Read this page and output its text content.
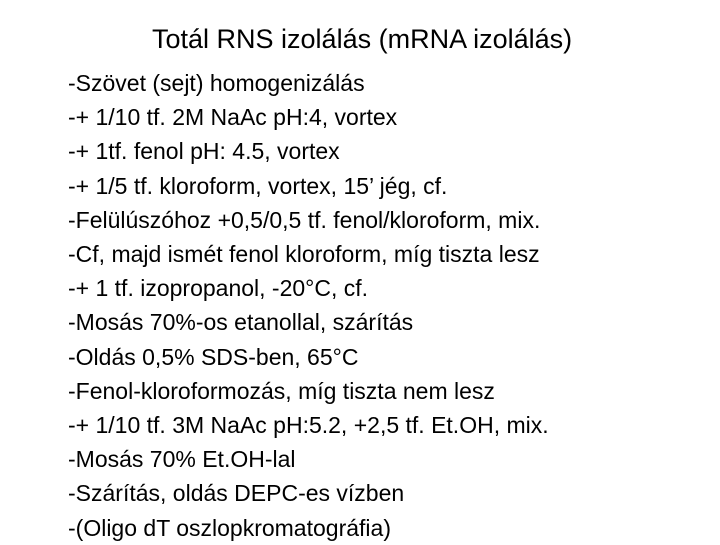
Totál RNS izolálás (mRNA izolálás)
-Szövet (sejt) homogenizálás
-+ 1/10 tf. 2M NaAc pH:4, vortex
-+ 1tf. fenol pH: 4.5, vortex
-+ 1/5 tf. kloroform, vortex, 15’ jég, cf.
-Felülúszóhoz +0,5/0,5 tf. fenol/kloroform, mix.
-Cf, majd ismét fenol kloroform, míg tiszta lesz
-+ 1 tf. izopropanol, -20°C, cf.
-Mosás 70%-os etanollal, szárítás
-Oldás 0,5% SDS-ben, 65°C
-Fenol-kloroformozás, míg tiszta nem lesz
-+ 1/10 tf. 3M NaAc pH:5.2, +2,5 tf. Et.OH, mix.
-Mosás 70% Et.OH-lal
-Szárítás, oldás DEPC-es vízben
-(Oligo dT oszlopkromatográfia)
